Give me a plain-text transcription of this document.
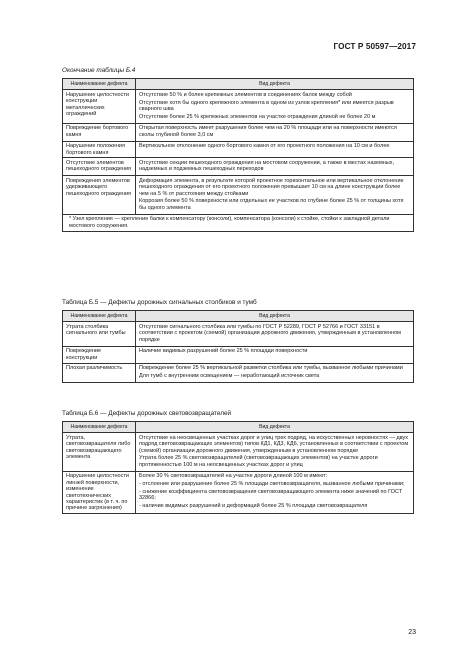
ГОСТ Р 50597—2017
Окончание таблицы Б.4
Наименование дефекта	Вид дефекта
Нарушение целостности конструкции металлических ограждений	Отсутствие 50 % и более крепежных элементов в соединениях балок между собой
Отсутствие хотя бы одного крепежного элемента в одном из узлов крепления* или имеется разрыв сварного шва
Отсутствие более 25 % крепежных элементов на участке ограждения длиной не более 20 м

Повреждение бортового камня	Открытая поверхность имеет разрушения более чем на 20 % площади или на поверхности имеются сколы глубиной более 3,0 см

Нарушение положения бортового камня	Вертикальное отклонение одного бортового камня от его проектного положения на 10 см и более

Отсутствие элементов пешеходного ограждения	Отсутствие секции пешеходного ограждения на мостовом сооружении, а также в местах наземных, надземных и подземных пешеходных переходов

Повреждения элементов удерживающего пешеходного ограждения	Деформация элемента, в результате которой проектное горизонтальное или вертикальное отклонение пешеходного ограждения от его проектного положения превышает 10 см на длине конструкции более чем на 5 % от расстояния между стойками
Коррозия более 50 % поверхности или отдельных ее участков по глубине более 25 % от толщины хотя бы одного элемента

* Узел крепления — крепление балки к компенсатору (консоли), компенсатора (консоли) к стойке, стойки к закладной детали мостового сооружения.	
Таблица Б.5 — Дефекты дорожных сигнальных столбиков и тумб
Наименование дефекта	Вид дефекта
Утрата столбика сигнального или тумбы	Отсутствие сигнального столбика или тумбы по ГОСТ Р 52289, ГОСТ Р 52766 и ГОСТ 33151 в соответствии с проектом (схемой) организации дорожного движения, утвержденным в установленном порядке

Повреждение конструкции	Наличие видимых разрушений более 25 % площади поверхности

Плохая различимость	Повреждение более 25 % вертикальной разметки столбика или тумбы, вызванное любыми причинами
Для тумб с внутренним освещением — неработающий источник света
Таблица Б.6 — Дефекты дорожных световозвращателей
Наименование дефекта	Вид дефекта
Утрата, световозвращателя либо световозвращающего элемента	Отсутствие на неосвещенных участках дорог и улиц трех подряд, на искусственных неровностях — двух подряд световозвращающих элементов) типов КД1, КД3, КД6, установленных в соответствии с проектом (схемой) организации дорожного движения, утвержденным в установленном порядке
Утрата более 25 % световозвращателей (световозвращающих элементов) на участке дороги протяженностью 100 м на неосвещенных участках дорог и улиц

Нарушение целостности линзей поверхности, изменение светотехнических характеристик (в т. ч. по причине загрязнения)	Более 30 % световозвращателей на участке дороги длиной 100 м имеют:
- отслоение или разрушение более 25 % площади световозвращателя, вызванное любыми причинами;
- снижение коэффициента световозвращения световозвращающего элемента ниже значений по ГОСТ 32866;
- наличие видимых разрушений и деформаций более 25 % площади световозвращателя
23
